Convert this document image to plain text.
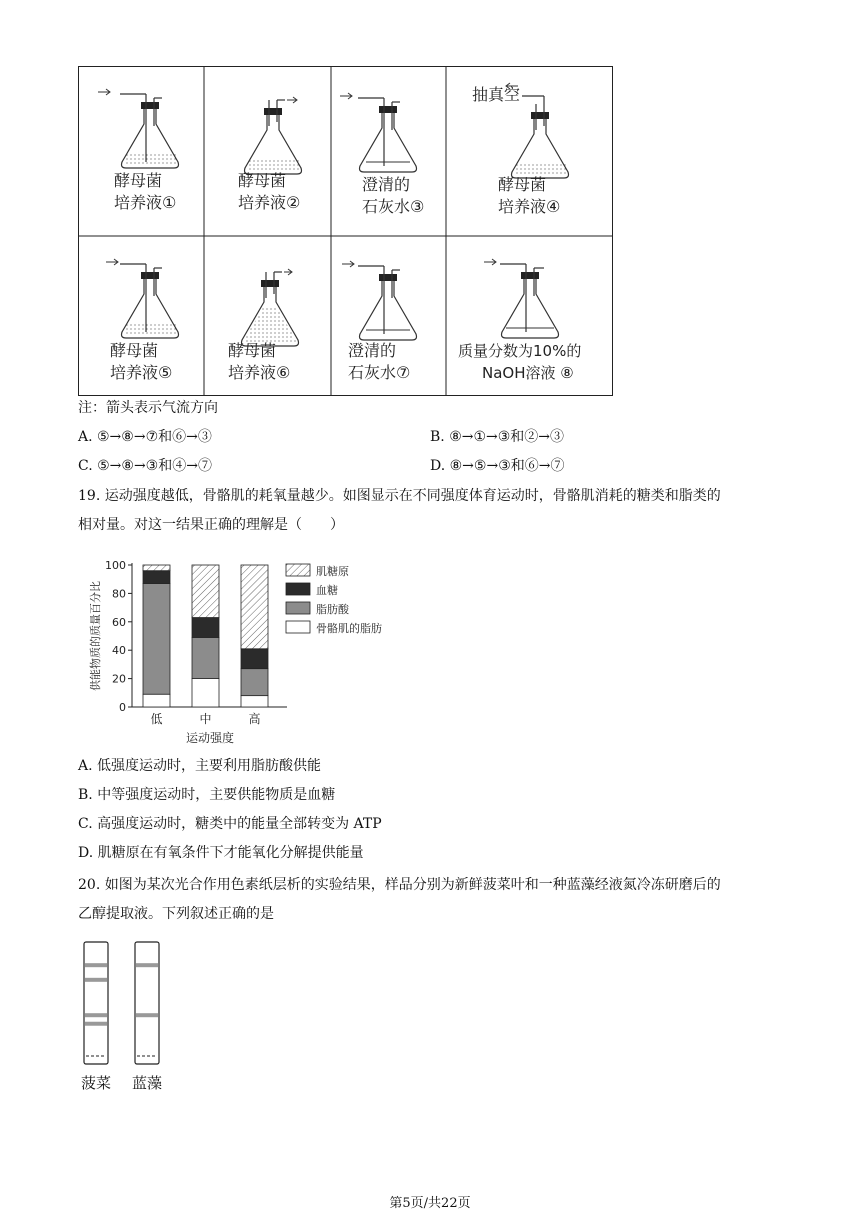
抽真空
酵母菌
培养液①
酵母菌
培养液②
澄清的
石灰水③
酵母菌
培养液④
酵母菌
培养液⑤
酵母菌
培养液⑥
澄清的
石灰水⑦
质量分数为10%的
NaOH溶液 ⑧
注：箭头表示气流方向
A. ⑤→⑧→⑦和⑥→③	B. ⑧→①→③和②→③
C. ⑤→⑧→③和④→⑦	D. ⑧→⑤→③和⑥→⑦
19. 运动强度越低，骨骼肌的耗氧量越少。如图显示在不同强度体育运动时，骨骼肌消耗的糖类和脂类的
相对量。对这一结果正确的理解是（　　）
0
20
40
60
80
100
供能物质的质量百分比
运动强度
低	中	高
肌糖原
血糖
脂肪酸
骨骼肌的脂肪
A. 低强度运动时，主要利用脂肪酸供能
B. 中等强度运动时，主要供能物质是血糖
C. 高强度运动时，糖类中的能量全部转变为 ATP
D. 肌糖原在有氧条件下才能氧化分解提供能量
20. 如图为某次光合作用色素纸层析的实验结果，样品分别为新鲜菠菜叶和一种蓝藻经液氮冷冻研磨后的
乙醇提取液。下列叙述正确的是
菠菜 蓝藻
第5页/共22页
